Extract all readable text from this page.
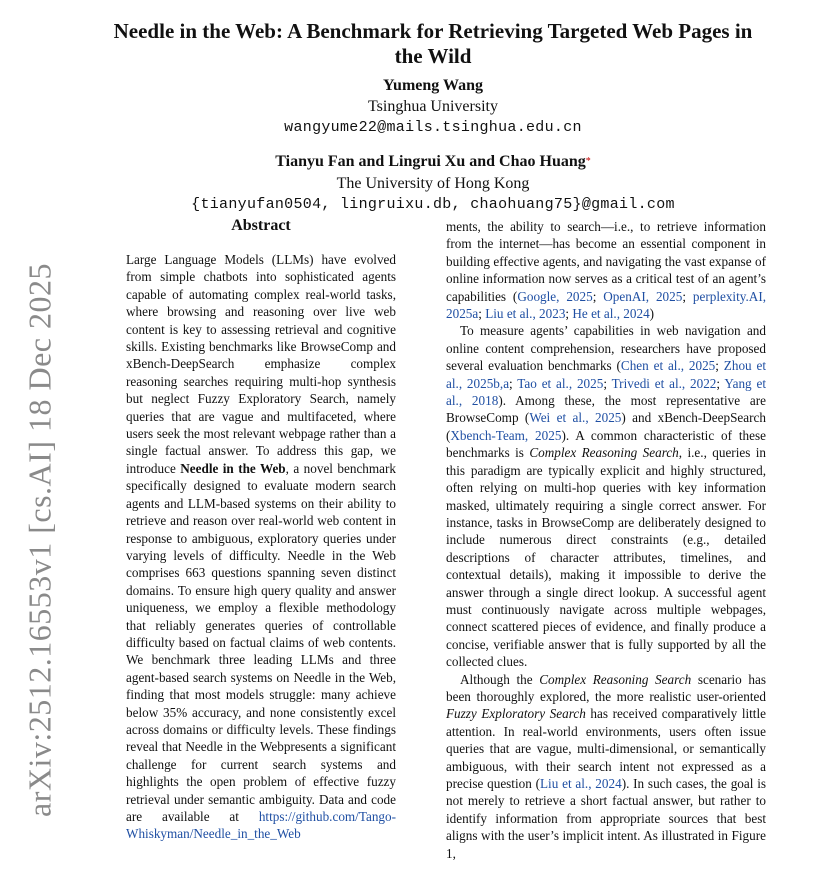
arXiv:2512.16553v1 [cs.AI] 18 Dec 2025
Needle in the Web: A Benchmark for Retrieving Targeted Web Pages in the Wild
Yumeng Wang
Tsinghua University
wangyume22@mails.tsinghua.edu.cn
Tianyu Fan and Lingrui Xu and Chao Huang*
The University of Hong Kong
{tianyufan0504, lingruixu.db, chaohuang75}@gmail.com
Abstract
Large Language Models (LLMs) have evolved from simple chatbots into sophisticated agents capable of automating complex real-world tasks, where browsing and reasoning over live web content is key to assessing retrieval and cognitive skills. Existing benchmarks like BrowseComp and xBench-DeepSearch emphasize complex reasoning searches requiring multi-hop synthesis but neglect Fuzzy Exploratory Search, namely queries that are vague and multifaceted, where users seek the most relevant webpage rather than a single factual answer. To address this gap, we introduce Needle in the Web, a novel benchmark specifically designed to evaluate modern search agents and LLM-based systems on their ability to retrieve and reason over real-world web content in response to ambiguous, exploratory queries under varying levels of difficulty. Needle in the Web comprises 663 questions spanning seven distinct domains. To ensure high query quality and answer uniqueness, we employ a flexible methodology that reliably generates queries of controllable difficulty based on factual claims of web contents. We benchmark three leading LLMs and three agent-based search systems on Needle in the Web, finding that most models struggle: many achieve below 35% accuracy, and none consistently excel across domains or difficulty levels. These findings reveal that Needle in the Webpresents a significant challenge for current search systems and highlights the open problem of effective fuzzy retrieval under semantic ambiguity. Data and code are available at https://github.com/Tango-Whiskyman/Needle_in_the_Web

ments, the ability to search—i.e., to retrieve information from the internet—has become an essential component in building effective agents, and navigating the vast expanse of online information now serves as a critical test of an agent’s capabilities (Google, 2025; OpenAI, 2025; perplexity.AI, 2025a; Liu et al., 2023; He et al., 2024)

To measure agents’ capabilities in web navigation and online content comprehension, researchers have proposed several evaluation benchmarks (Chen et al., 2025; Zhou et al., 2025b,a; Tao et al., 2025; Trivedi et al., 2022; Yang et al., 2018). Among these, the most representative are BrowseComp (Wei et al., 2025) and xBench-DeepSearch (Xbench-Team, 2025). A common characteristic of these benchmarks is Complex Reasoning Search, i.e., queries in this paradigm are typically explicit and highly structured, often relying on multi-hop queries with key information masked, ultimately requiring a single correct answer. For instance, tasks in BrowseComp are deliberately designed to include numerous direct constraints (e.g., detailed descriptions of character attributes, timelines, and contextual details), making it impossible to derive the answer through a single direct lookup. A successful agent must continuously navigate across multiple webpages, connect scattered pieces of evidence, and finally produce a concise, verifiable answer that is fully supported by all the collected clues.

Although the Complex Reasoning Search scenario has been thoroughly explored, the more realistic user-oriented Fuzzy Exploratory Search has received comparatively little attention. In real-world environments, users often issue queries that are vague, multi-dimensional, or semantically ambiguous, with their search intent not expressed as a precise question (Liu et al., 2024). In such cases, the goal is not merely to retrieve a short factual answer, but rather to identify information from appropriate sources that best aligns with the user’s implicit intent. As illustrated in Figure 1,
